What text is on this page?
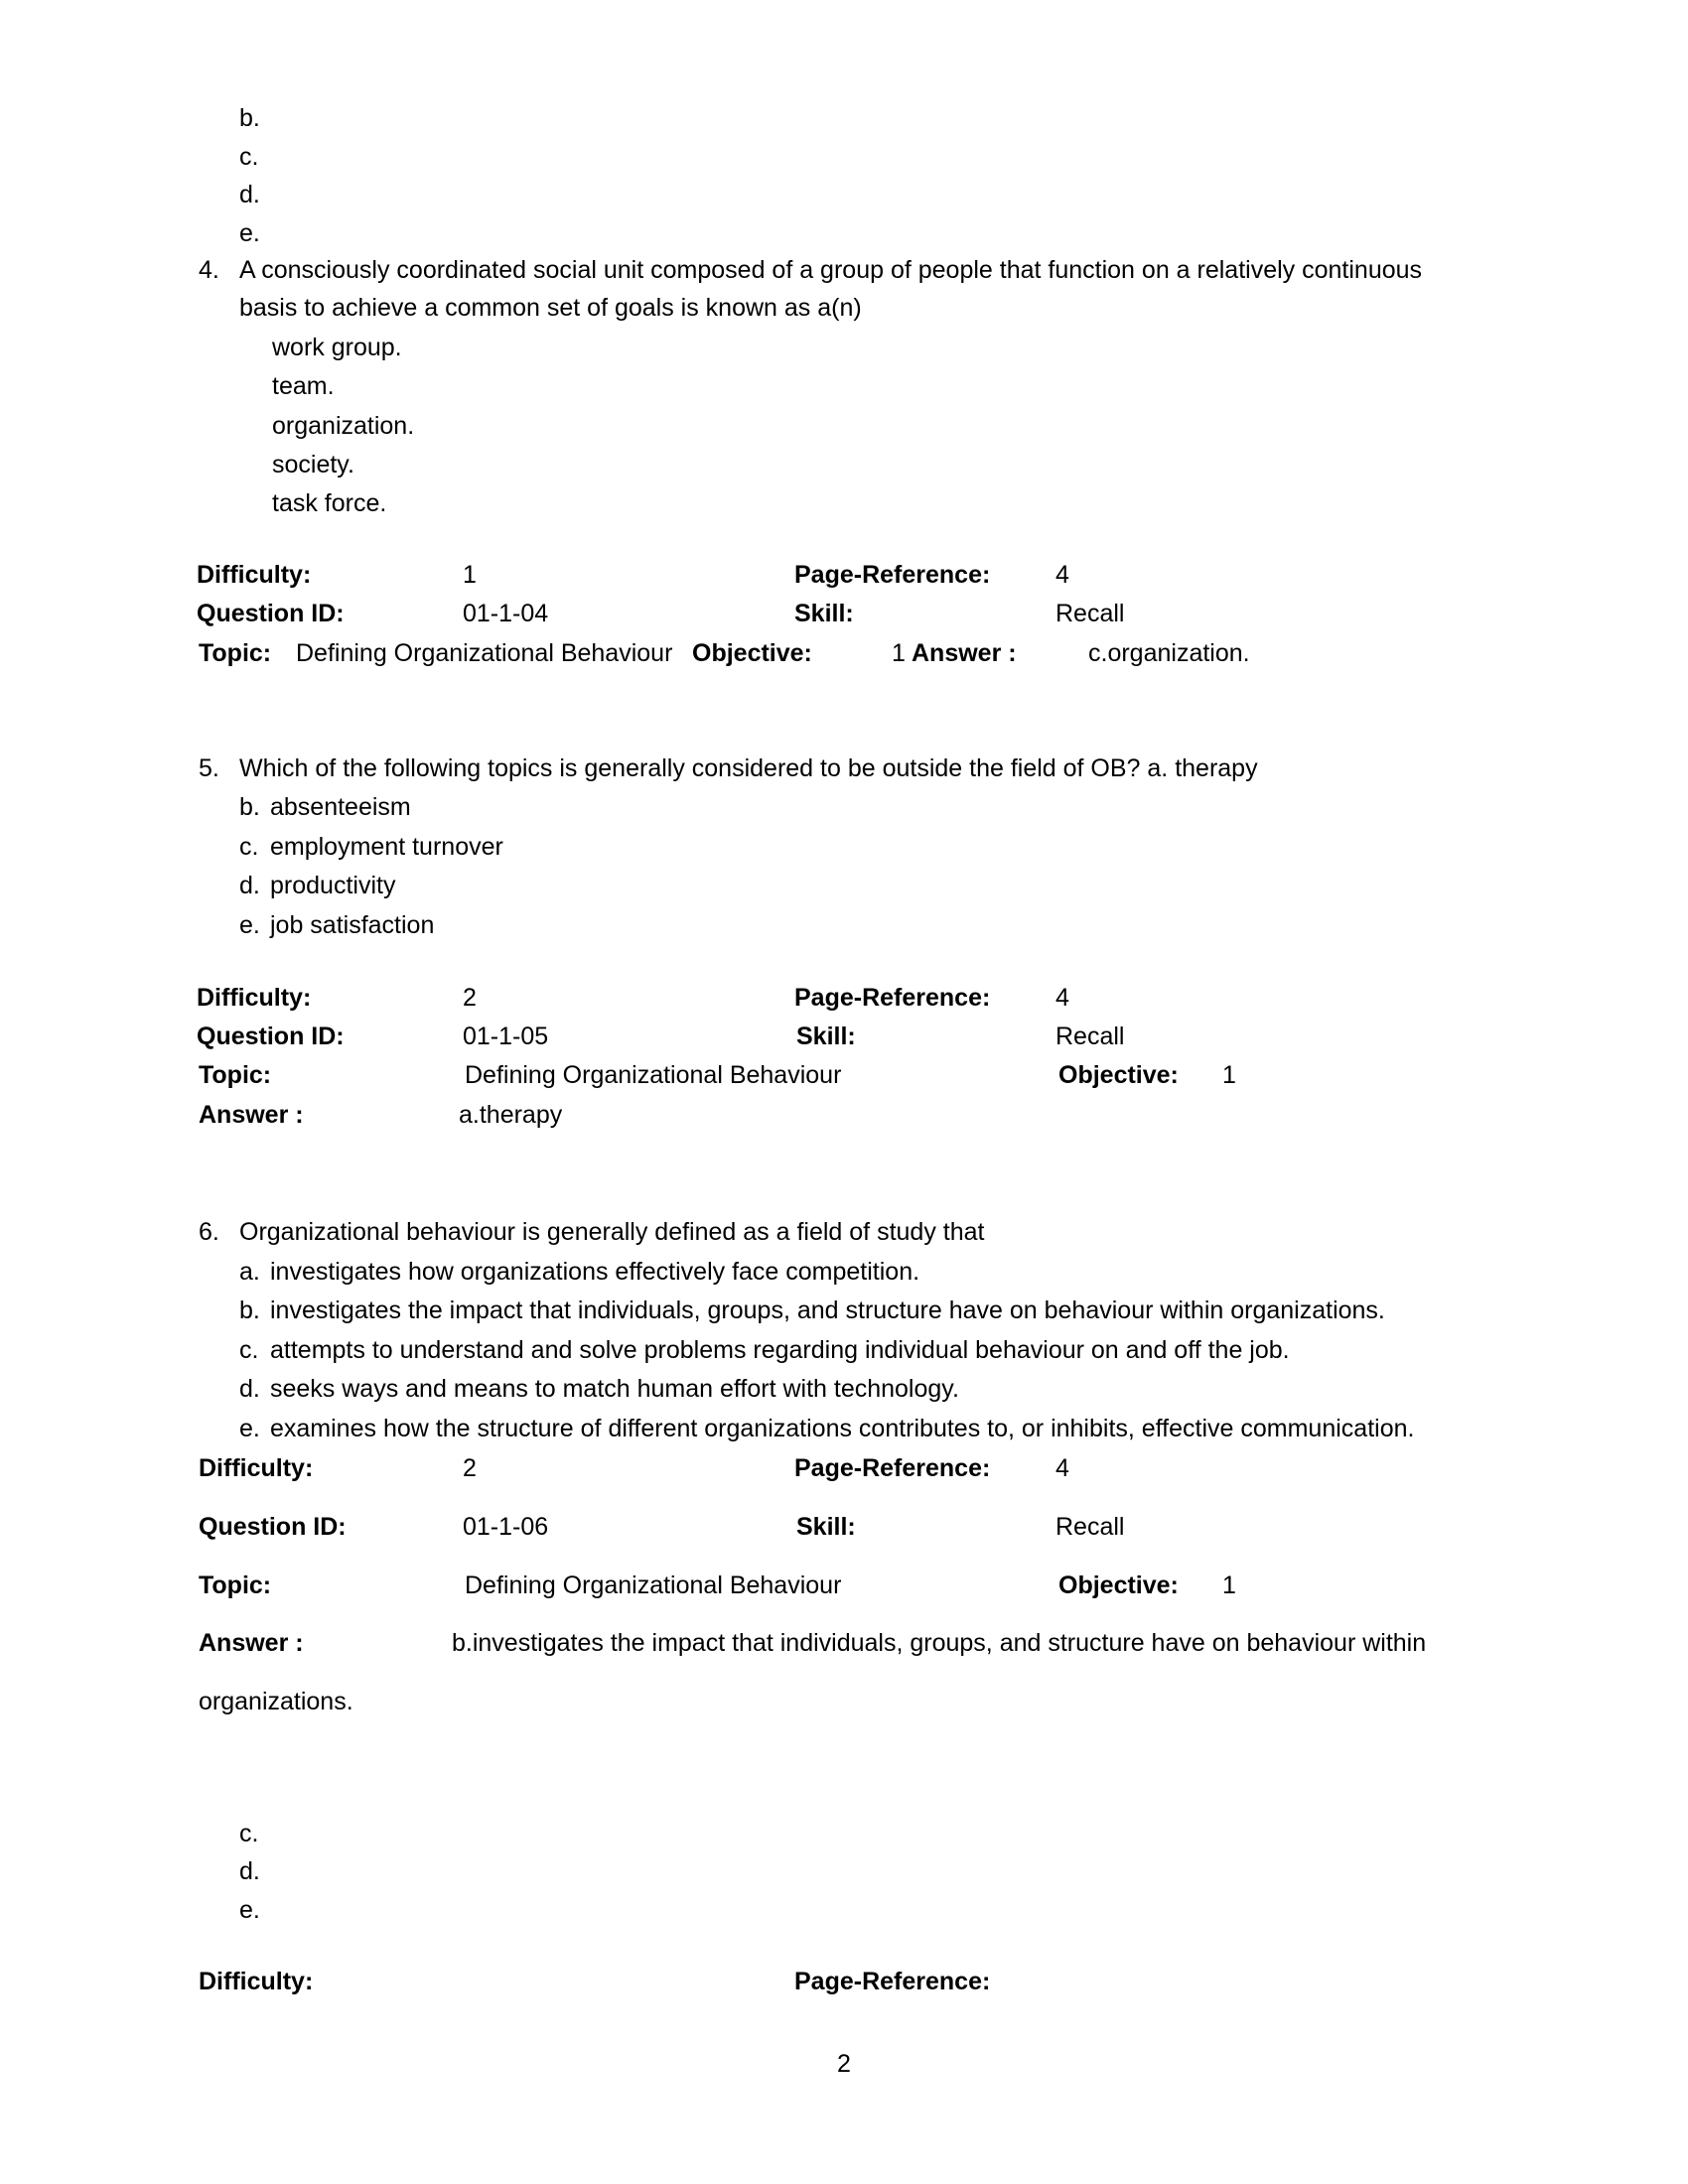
b.
c.
d.
e.
4. A consciously coordinated social unit composed of a group of people that function on a relatively continuous
basis to achieve a common set of goals is known as a(n)
work group.
team.
organization.
society.
task force.
Difficulty:	1	Page-Reference:	4
Question ID:	01-1-04	Skill:	Recall
Topic: Defining Organizational Behaviour Objective:	1 Answer :	c.organization.
5. Which of the following topics is generally considered to be outside the field of OB? a. therapy
b. absenteeism
c. employment turnover
d. productivity
e. job satisfaction
Difficulty:	2	Page-Reference:	4
Question ID:	01-1-05	Skill:	Recall
Topic:	Defining Organizational Behaviour	Objective: 1
Answer :	a.therapy
6. Organizational behaviour is generally defined as a field of study that
a. investigates how organizations effectively face competition.
b. investigates the impact that individuals, groups, and structure have on behaviour within organizations.
c. attempts to understand and solve problems regarding individual behaviour on and off the job.
d. seeks ways and means to match human effort with technology.
e. examines how the structure of different organizations contributes to, or inhibits, effective communication.
Difficulty:	2	Page-Reference:	4
Question ID:	01-1-06	Skill:	Recall
Topic:	Defining Organizational Behaviour	Objective: 1
Answer :	b.investigates the impact that individuals, groups, and structure have on behaviour within
organizations.
c.
d.
e.
Difficulty:	Page-Reference:
2
